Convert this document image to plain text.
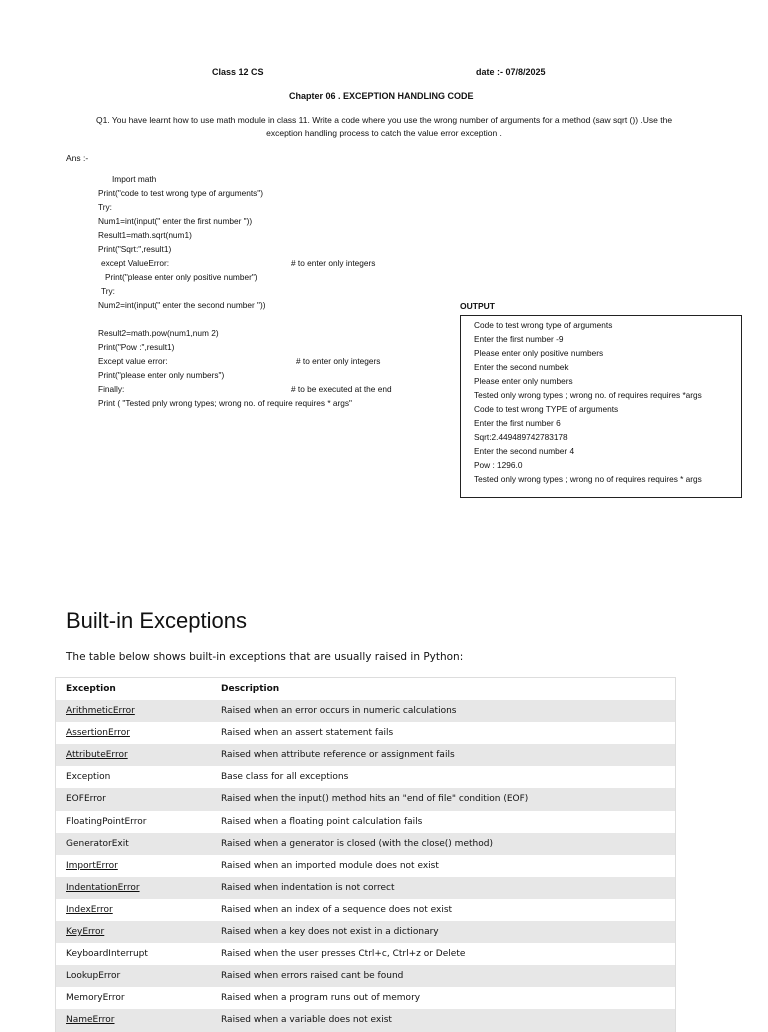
Class 12 CS	date :- 07/8/2025
Chapter 06 . EXCEPTION HANDLING CODE
Q1. You have learnt how to use math module in class 11. Write a code where you use the wrong number of arguments for a method (saw sqrt ()) .Use the
exception handling process to catch the value error exception .
Ans :-
Import math
Print("code to test wrong type of arguments")
Try:
Num1=int(input(" enter the first number "))
Result1=math.sqrt(num1)
Print("Sqrt:",result1)
except ValueError:
Print("please enter only positive number")
Try:
Num2=int(input(" enter the second number "))
Result2=math.pow(num1,num 2)
Print("Pow :",result1)
Except value error:
Print("please enter only numbers")
Finally:
Print ( "Tested pnly wrong types; wrong no. of require requires * args"
# to enter only integers
# to enter only integers
# to be executed at the end
OUTPUT
Code to test wrong type of arguments
Enter the first number -9
Please enter only positive numbers
Enter the second numbek
Please enter only numbers
Tested only wrong types ; wrong no. of requires requires *args
Code to test wrong TYPE of arguments
Enter the first number 6
Sqrt:2.449489742783178
Enter the second number 4
Pow : 1296.0
Tested only wrong types ; wrong no of requires requires * args
Built-in Exceptions
The table below shows built-in exceptions that are usually raised in Python:
Exception	Description
ArithmeticError	Raised when an error occurs in numeric calculations
AssertionError	Raised when an assert statement fails
AttributeError	Raised when attribute reference or assignment fails
Exception	Base class for all exceptions
EOFError	Raised when the input() method hits an "end of file" condition (EOF)
FloatingPointError	Raised when a floating point calculation fails
GeneratorExit	Raised when a generator is closed (with the close() method)
ImportError	Raised when an imported module does not exist
IndentationError	Raised when indentation is not correct
IndexError	Raised when an index of a sequence does not exist
KeyError	Raised when a key does not exist in a dictionary
KeyboardInterrupt	Raised when the user presses Ctrl+c, Ctrl+z or Delete
LookupError	Raised when errors raised cant be found
MemoryError	Raised when a program runs out of memory
NameError	Raised when a variable does not exist
